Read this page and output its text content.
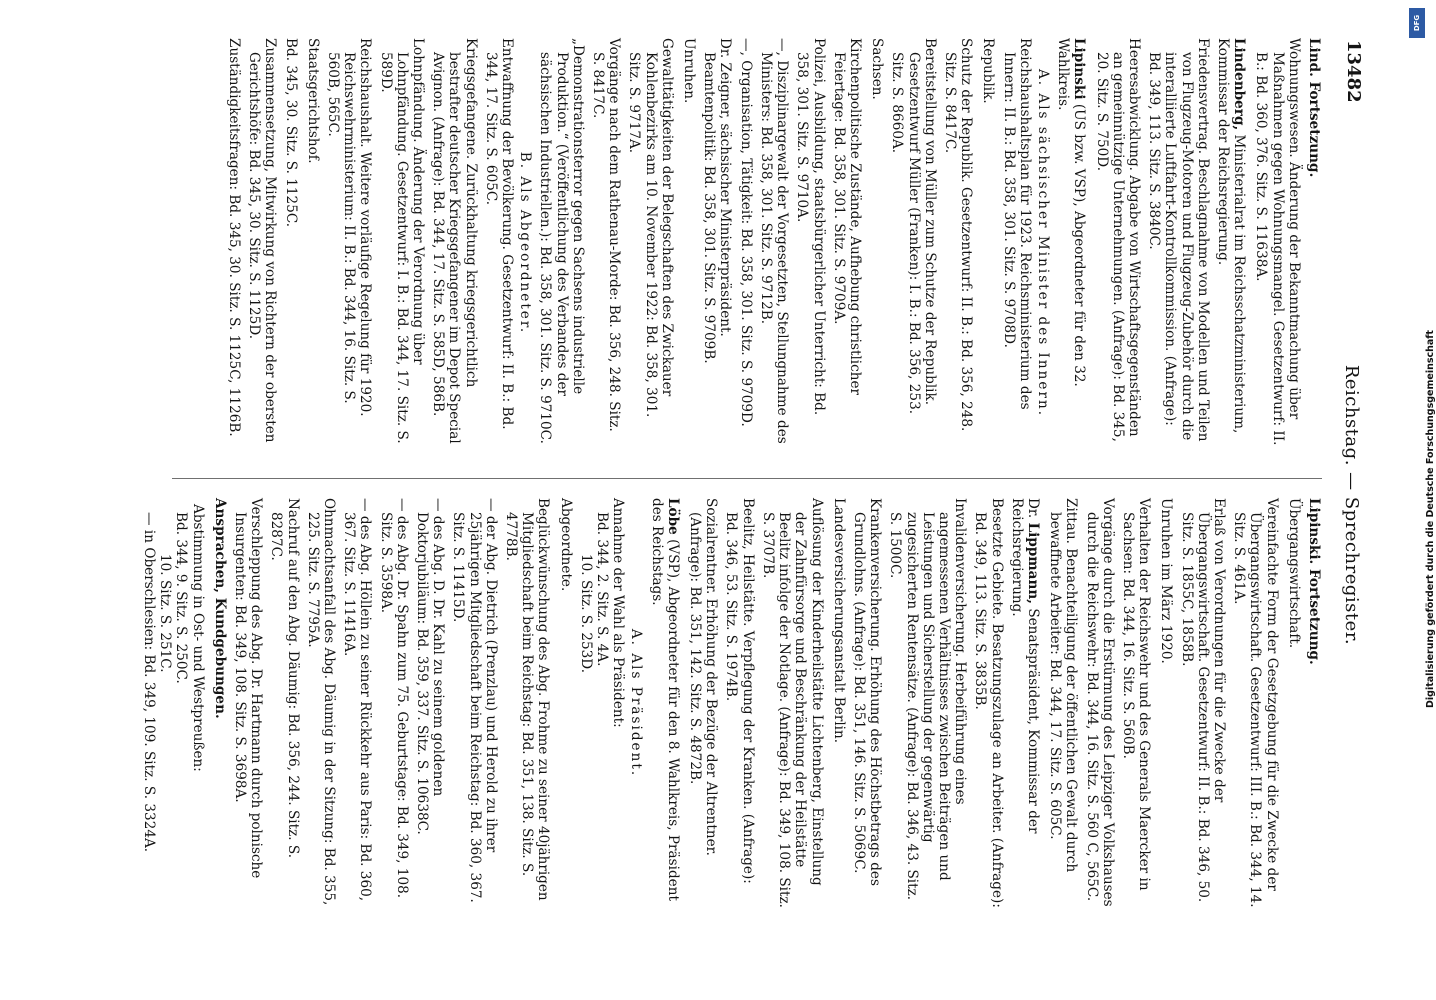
13482
Reichstag. — Sprechregister.
Lind. Fortsetzung.
Wohnungswesen. Änderung der Bekanntmachung über Maßnahmen gegen Wohnungsmangel. Gesetzentwurf: II. B.: Bd. 360, 376. Sitz. S. 11638A.
Lindenberg, Ministerialrat im Reichsschatzministerium, Kommissar der Reichsregierung.
Friedensvertrag. Beschlagnahme von Modellen und Teilen von Flugzeug-Motoren und Flugzeug-Zubehör durch die interalliierte Luftfahrt-Kontrollkommission. (Anfrage): Bd. 349, 113. Sitz. S. 3840C.
Heeresabwicklung. Abgabe von Wirtschaftsgegenständen an gemeinnützige Unternehmungen. (Anfrage): Bd. 345, 20. Sitz. S. 750D.
Lipinski (US bzw. VSP), Abgeordneter für den 32. Wahlkreis.
A. Als sächsischer Minister des Innern.
Reichshaushaltsplan für 1923. Reichsministerium des Innern: II. B.: Bd. 358, 301. Sitz. S. 9708D.
Republik.
Schutz der Republik. Gesetzentwurf: II. B.: Bd. 356, 248. Sitz. S. 8417C.
Bereitstellung von Müller zum Schutze der Republik. Gesetzentwurf Müller (Franken): I. B.: Bd. 356, 253. Sitz. S. 8660A.
Sachsen.
Kirchenpolitische Zustände, Aufhebung christlicher Feiertage: Bd. 358, 301. Sitz. S. 9709A.
Polizei, Ausbildung, staatsbürgerlicher Unterricht: Bd. 358, 301. Sitz. S. 9710A.
—, Disziplinargewalt der Vorgesetzten, Stellungnahme des Ministers: Bd. 358, 301. Sitz. S. 9712B.
—, Organisation, Tätigkeit: Bd. 358, 301. Sitz. S. 9709D.
Dr. Zeigner, sächsischer Ministerpräsident. Beamtenpolitik: Bd. 358, 301. Sitz. S. 9709B.
Unruhen.
Gewalttätigkeiten der Belegschaften des Zwickauer Kohlenbezirks am 10. November 1922: Bd. 358, 301. Sitz. S. 9717A.
Vorgänge nach dem Rathenau-Morde: Bd. 356, 248. Sitz. S. 8417C.
„Demonstrationsterror gegen Sachsens industrielle Produktion.“ (Veröffentlichung des Verbandes der sächsischen Industriellen.): Bd. 358, 301. Sitz. S. 9710C.
B. Als Abgeordneter.
Entwaffnung der Bevölkerung. Gesetzentwurf: II. B.: Bd. 344, 17. Sitz. S. 605C.
Kriegsgefangene. Zurückhaltung kriegsgerichtlich bestrafter deutscher Kriegsgefangener im Depot Special Avignon. (Anfrage): Bd. 344, 17. Sitz. S. 585D, 586B.
Lohnpfändung. Änderung der Verordnung über Lohnpfändung. Gesetzentwurf: I. B.: Bd. 344, 17. Sitz. S. 589D.
Reichshaushalt. Weitere vorläufige Regelung für 1920. Reichswehrministerium: II. B.: Bd. 344, 16. Sitz. S. 560B, 565C.
Staatsgerichtshof.
Bd. 345, 30. Sitz. S. 1125C.
Zusammensetzung, Mitwirkung von Richtern der obersten Gerichtshöfe: Bd. 345, 30. Sitz. S. 1125D.
Zuständigkeitsfragen: Bd. 345, 30. Sitz. S. 1125C, 1126B.
Lipinski. Fortsetzung.
Übergangswirtschaft.
Vereinfachte Form der Gesetzgebung für die Zwecke der Übergangswirtschaft. Gesetzentwurf: III. B.: Bd. 344, 14. Sitz. S. 461A.
Erlaß von Verordnungen für die Zwecke der Übergangswirtschaft. Gesetzentwurf: II. B.: Bd. 346, 50. Sitz. S. 1855C, 1858B.
Unruhen im März 1920.
Verhalten der Reichswehr und des Generals Maercker in Sachsen: Bd. 344, 16. Sitz. S. 560B.
Vorgänge durch die Erstürmung des Leipziger Volkshauses durch die Reichswehr: Bd. 344, 16. Sitz. S. 560 C, 565C.
Zittau. Benachteiligung der öffentlichen Gewalt durch bewaffnete Arbeiter: Bd. 344, 17. Sitz. S. 605C.
Dr. Lippmann, Senatspräsident, Kommissar der Reichsregierung.
Besetzte Gebiete. Besatzungszulage an Arbeiter. (Anfrage): Bd. 349, 113. Sitz. S. 3835B.
Invalidenversicherung. Herbeiführung eines angemessenen Verhältnisses zwischen Beiträgen und Leistungen und Sicherstellung der gegenwärtig zugesicherten Rentensätze. (Anfrage): Bd. 346, 43. Sitz. S. 1500C.
Krankenversicherung. Erhöhung des Höchstbetrags des Grundlohns. (Anfrage): Bd. 351, 146. Sitz. S. 5069C.
Landesversicherungsanstalt Berlin.
Auflösung der Kinderheilstätte Lichtenberg, Einstellung der Zahnfürsorge und Beschränkung der Heilstätte Beelitz infolge der Notlage. (Anfrage): Bd. 349, 108. Sitz. S. 3707B.
Beelitz, Heilstätte. Verpflegung der Kranken. (Anfrage): Bd. 346, 53. Sitz. S. 1974B.
Sozialrentner. Erhöhung der Bezüge der Altrentner. (Anfrage): Bd. 351, 142. Sitz. S. 4872B.
Löbe (VSP), Abgeordneter für den 8. Wahlkreis, Präsident des Reichstags.
A. Als Präsident.
Annahme der Wahl als Präsident:
Bd. 344, 2. Sitz. S. 4A.
10. Sitz. S. 253D.
Abgeordnete.
Beglückwünschung des Abg. Frohme zu seiner 40jährigen Mitgliedschaft beim Reichstag: Bd. 351, 138. Sitz. S. 4778B.
— der Abg. Dietrich (Prenzlau) und Herold zu ihrer 25jährigen Mitgliedschaft beim Reichstag: Bd. 360, 367. Sitz. S. 11415D.
— des Abg. D. Dr. Kahl zu seinem goldenen Doktorjubiläum: Bd. 359, 337. Sitz. S. 10638C.
— des Abg. Dr. Spahn zum 75. Geburtstage: Bd. 349, 108. Sitz. S. 3598A.
— des Abg. Höllein zu seiner Rückkehr aus Paris: Bd. 360, 367. Sitz. S. 11416A.
Ohnmachtsanfall des Abg. Däumig in der Sitzung: Bd. 355, 225. Sitz. S. 7795A.
Nachruf auf den Abg. Däumig: Bd. 356, 244. Sitz. S. 8287C.
Verschleppung des Abg. Dr. Hartmann durch polnische Insurgenten: Bd. 349, 108. Sitz. S. 3698A.
Ansprachen, Kundgebungen.
Abstimmung in Ost- und Westpreußen:
Bd. 344, 9. Sitz. S. 250C.
10. Sitz. S. 251C.
— in Oberschlesien: Bd. 349, 109. Sitz. S. 3324A.
DFG
Digitalisierung gefördert durch die Deutsche Forschungsgemeinschaft
